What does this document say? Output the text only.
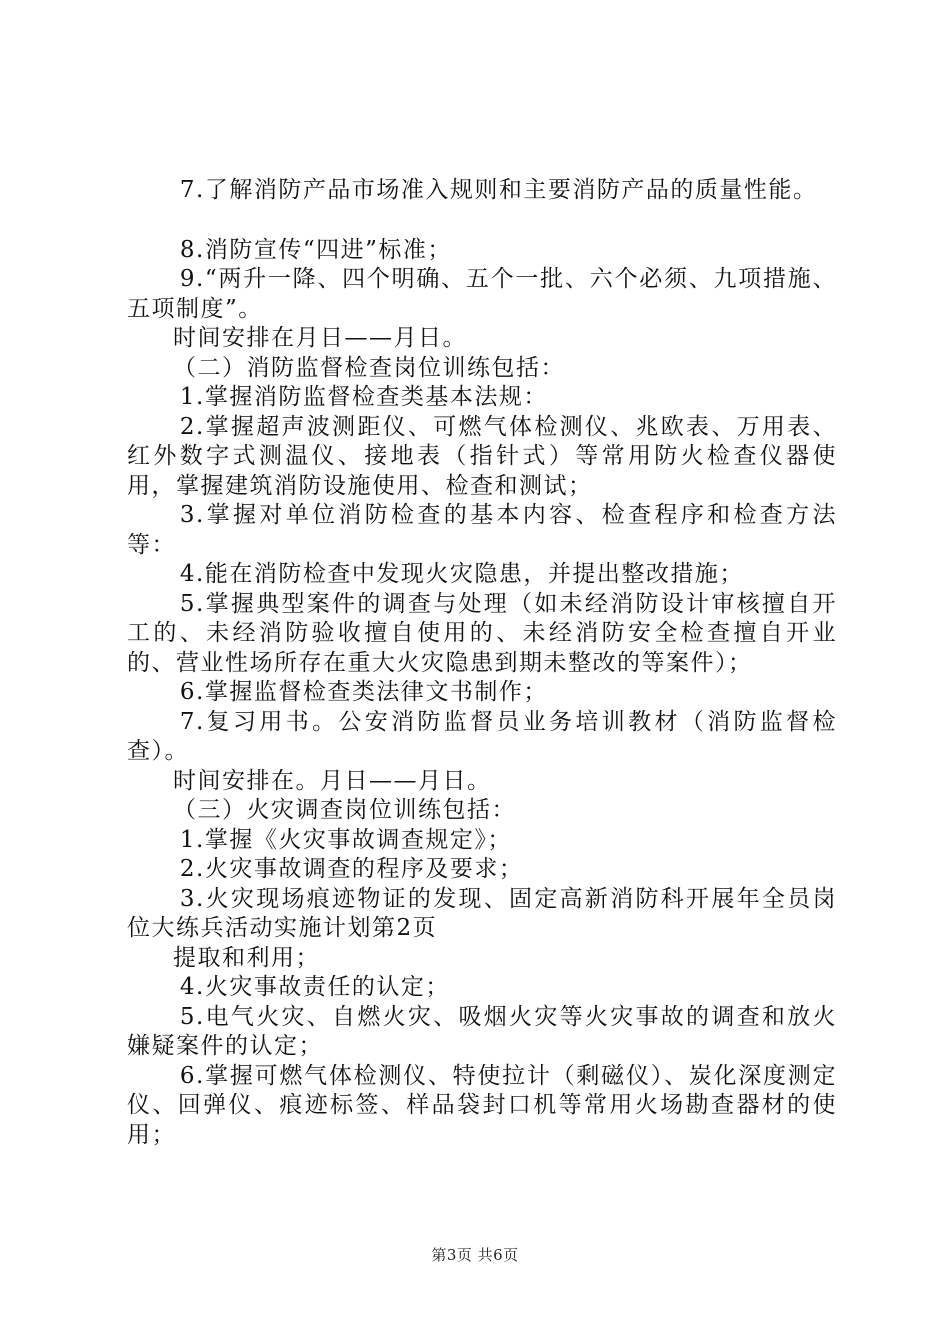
7.了解消防产品市场准入规则和主要消防产品的质量性能。

8.消防宣传“四进”标准；

9.“两升一降、四个明确、五个一批、六个必须、九项措施、五项制度”。

时间安排在月日——月日。

（二）消防监督检查岗位训练包括：

1.掌握消防监督检查类基本法规：

2.掌握超声波测距仪、可燃气体检测仪、兆欧表、万用表、红外数字式测温仪、接地表（指针式）等常用防火检查仪器使用，掌握建筑消防设施使用、检查和测试；

3.掌握对单位消防检查的基本内容、检查程序和检查方法等：

4.能在消防检查中发现火灾隐患，并提出整改措施；

5.掌握典型案件的调查与处理（如未经消防设计审核擅自开工的、未经消防验收擅自使用的、未经消防安全检查擅自开业的、营业性场所存在重大火灾隐患到期未整改的等案件）；

6.掌握监督检查类法律文书制作；

7.复习用书。公安消防监督员业务培训教材（消防监督检查）。

时间安排在。月日——月日。

（三）火灾调查岗位训练包括：

1.掌握《火灾事故调查规定》；

2.火灾事故调查的程序及要求；

3.火灾现场痕迹物证的发现、固定高新消防科开展年全员岗位大练兵活动实施计划第2页

提取和利用；

4.火灾事故责任的认定；

5.电气火灾、自燃火灾、吸烟火灾等火灾事故的调查和放火嫌疑案件的认定；

6.掌握可燃气体检测仪、特使拉计（剩磁仪）、炭化深度测定仪、回弹仪、痕迹标签、样品袋封口机等常用火场勘查器材的使用；

第3页 共6页
